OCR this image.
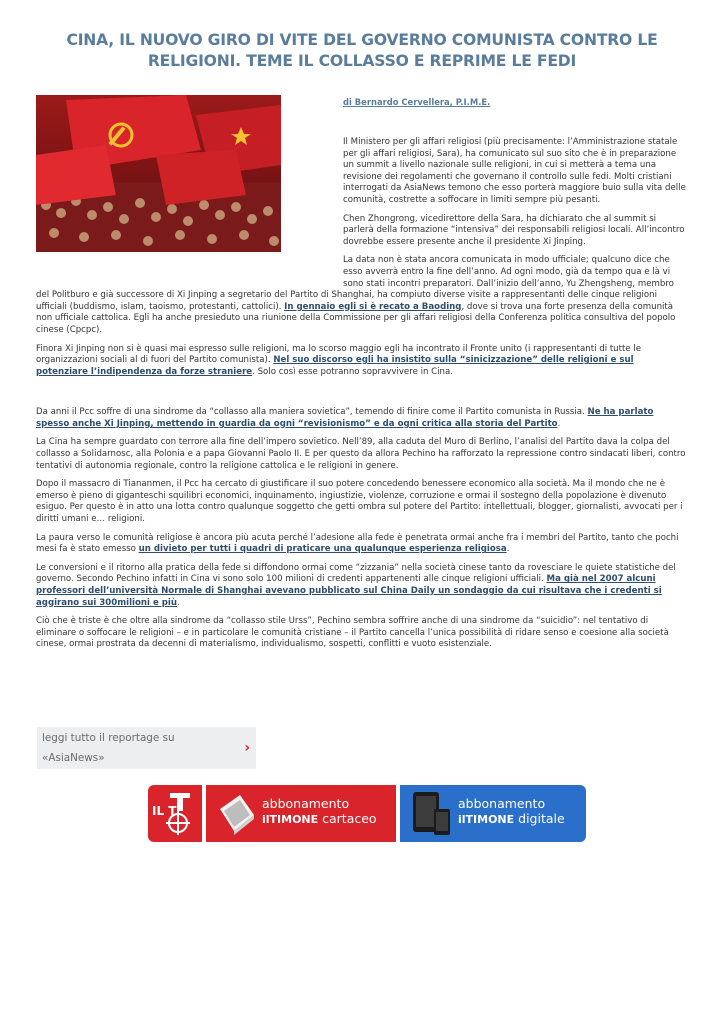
CINA, IL NUOVO GIRO DI VITE DEL GOVERNO COMUNISTA CONTRO LE RELIGIONI. TEME IL COLLASSO E REPRIME LE FEDI
di Bernardo Cervellera, P.I.M.E.

Il Ministero per gli affari religiosi (più precisamente: l’Amministrazione statale per gli affari religiosi, Sara), ha comunicato sul suo sito che è in preparazione un summit a livello nazionale sulle religioni, in cui si metterà a tema una revisione dei regolamenti che governano il controllo sulle fedi. Molti cristiani interrogati da AsiaNews temono che esso porterà maggiore buio sulla vita delle comunità, costrette a soffocare in limiti sempre più pesanti.

Chen Zhongrong, vicedirettore della Sara, ha dichiarato che al summit si parlerà della formazione “intensiva” dei responsabili religiosi locali. All’incontro dovrebbe essere presente anche il presidente Xi Jinping.

La data non è stata ancora comunicata in modo ufficiale; qualcuno dice che esso avverrà entro la fine dell’anno. Ad ogni modo, già da tempo qua e là vi sono stati incontri preparatori. Dall’inizio dell’anno, Yu Zhengsheng, membro del Politburo e già successore di Xi Jinping a segretario del Partito di Shanghai, ha compiuto diverse visite a rappresentanti delle cinque religioni ufficiali (buddismo, islam, taoismo, protestanti, cattolici). In gennaio egli si è recato a Baoding, dove si trova una forte presenza della comunità non ufficiale cattolica. Egli ha anche presieduto una riunione della Commissione per gli affari religiosi della Conferenza politica consultiva del popolo cinese (Cpcpc).

Finora Xi Jinping non si è quasi mai espresso sulle religioni, ma lo scorso maggio egli ha incontrato il Fronte unito (i rappresentanti di tutte le organizzazioni sociali al di fuori del Partito comunista). Nel suo discorso egli ha insistito sulla “sinicizzazione” delle religioni e sul potenziare l’indipendenza da forze straniere. Solo così esse potranno sopravvivere in Cina.

Da anni il Pcc soffre di una sindrome da “collasso alla maniera sovietica”, temendo di finire come il Partito comunista in Russia. Ne ha parlato spesso anche Xi Jinping, mettendo in guardia da ogni “revisionismo” e da ogni critica alla storia del Partito.

La Cina ha sempre guardato con terrore alla fine dell’impero sovietico. Nell’89, alla caduta del Muro di Berlino, l’analisi del Partito dava la colpa del collasso a Solidarnosc, alla Polonia e a papa Giovanni Paolo II. E per questo da allora Pechino ha rafforzato la repressione contro sindacati liberi, contro tentativi di autonomia regionale, contro la religione cattolica e le religioni in genere.

Dopo il massacro di Tiananmen, il Pcc ha cercato di giustificare il suo potere concedendo benessere economico alla società. Ma il mondo che ne è emerso è pieno di giganteschi squilibri economici, inquinamento, ingiustizie, violenze, corruzione e ormai il sostegno della popolazione è divenuto esiguo. Per questo è in atto una lotta contro qualunque soggetto che getti ombra sul potere del Partito: intellettuali, blogger, giornalisti, avvocati per i diritti umani e… religioni.

La paura verso le comunità religiose è ancora più acuta perché l’adesione alla fede è penetrata ormai anche fra i membri del Partito, tanto che pochi mesi fa è stato emesso un divieto per tutti i quadri di praticare una qualunque esperienza religiosa.

Le conversioni e il ritorno alla pratica della fede si diffondono ormai come “zizzania” nella società cinese tanto da rovesciare le quiete statistiche del governo. Secondo Pechino infatti in Cina vi sono solo 100 milioni di credenti appartenenti alle cinque religioni ufficiali. Ma già nel 2007 alcuni professori dell’università Normale di Shanghai avevano pubblicato sul China Daily un sondaggio da cui risultava che i credenti si aggirano sui 300milioni e più.

Ciò che è triste è che oltre alla sindrome da “collasso stile Urss”, Pechino sembra soffrire anche di una sindrome da “suicidio”: nel tentativo di eliminare o soffocare le religioni – e in particolare le comunità cristiane – il Partito cancella l’unica possibilità di ridare senso e coesione alla società cinese, ormai prostrata da decenni di materialismo, individualismo, sospetti, conflitti e vuoto esistenziale.

leggi tutto il reportage su
«AsiaNews»
›
IL T	abbonamento
ilTIMONE cartaceo
abbonamento
ilTIMONE digitale
